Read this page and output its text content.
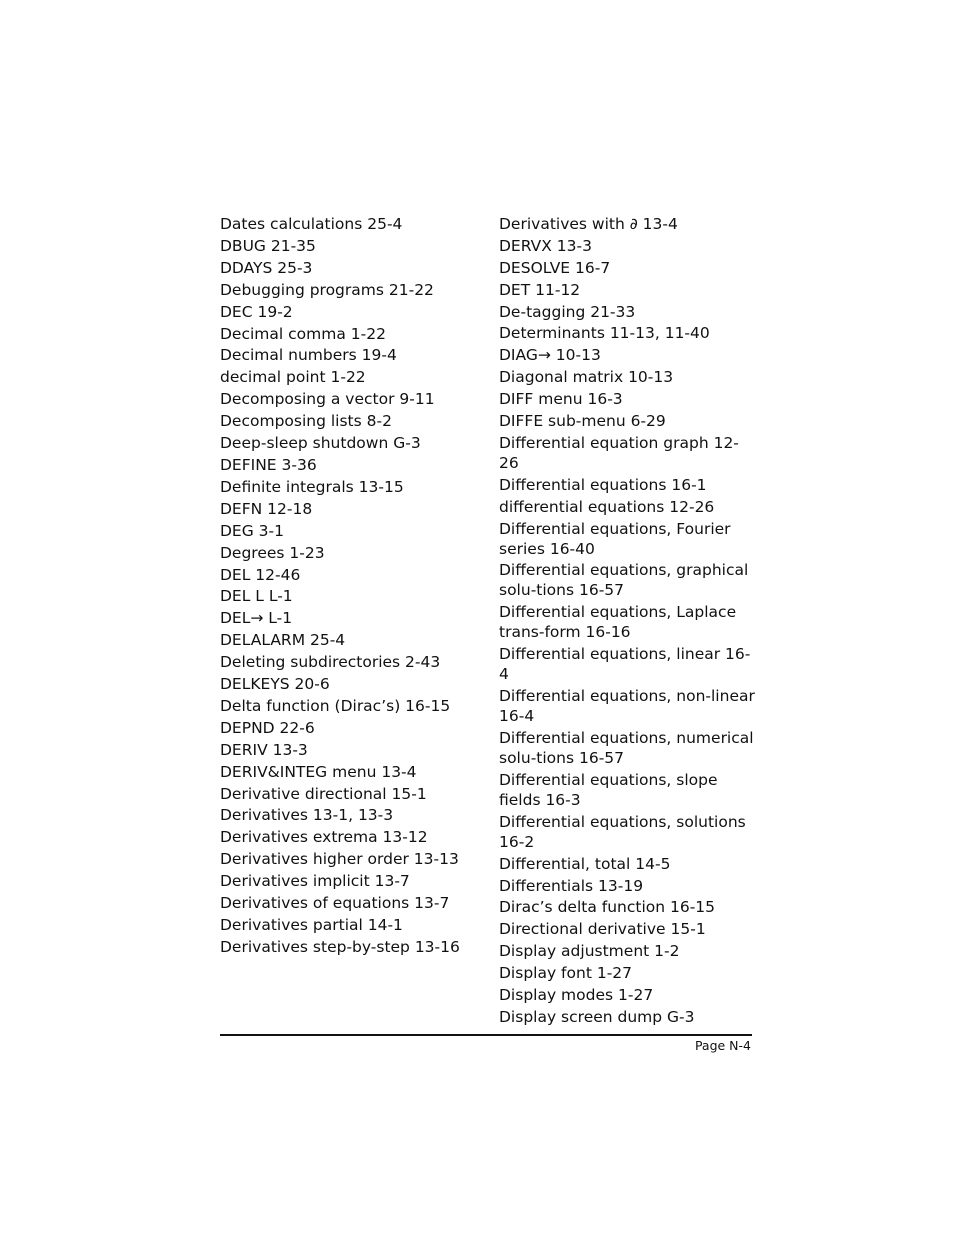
Dates calculations 25-4
DBUG 21-35
DDAYS 25-3
Debugging programs 21-22
DEC 19-2
Decimal comma 1-22
Decimal numbers 19-4
decimal point 1-22
Decomposing a vector 9-11
Decomposing lists 8-2
Deep-sleep shutdown G-3
DEFINE 3-36
Definite integrals 13-15
DEFN 12-18
DEG 3-1
Degrees 1-23
DEL 12-46
DEL L L-1
DEL→ L-1
DELALARM 25-4
Deleting subdirectories 2-43
DELKEYS 20-6
Delta function (Dirac’s) 16-15
DEPND 22-6
DERIV 13-3
DERIV&INTEG menu 13-4
Derivative directional 15-1
Derivatives 13-1, 13-3
Derivatives extrema 13-12
Derivatives higher order 13-13
Derivatives implicit 13-7
Derivatives of equations 13-7
Derivatives partial 14-1
Derivatives step-by-step 13-16
Derivatives with ∂ 13-4
DERVX 13-3
DESOLVE 16-7
DET 11-12
De-tagging 21-33
Determinants 11-13, 11-40
DIAG→ 10-13
Diagonal matrix 10-13
DIFF menu 16-3
DIFFE sub-menu 6-29
Differential equation graph 12-26
Differential equations 16-1
differential equations 12-26
Differential equations, Fourier series 16-40
Differential equations, graphical solu-tions 16-57
Differential equations, Laplace trans-form 16-16
Differential equations, linear 16-4
Differential equations, non-linear 16-4
Differential equations, numerical solu-tions 16-57
Differential equations, slope fields 16-3
Differential equations, solutions 16-2
Differential, total 14-5
Differentials 13-19
Dirac’s delta function 16-15
Directional derivative 15-1
Display adjustment 1-2
Display font 1-27
Display modes 1-27
Display screen dump G-3
Page N-4
